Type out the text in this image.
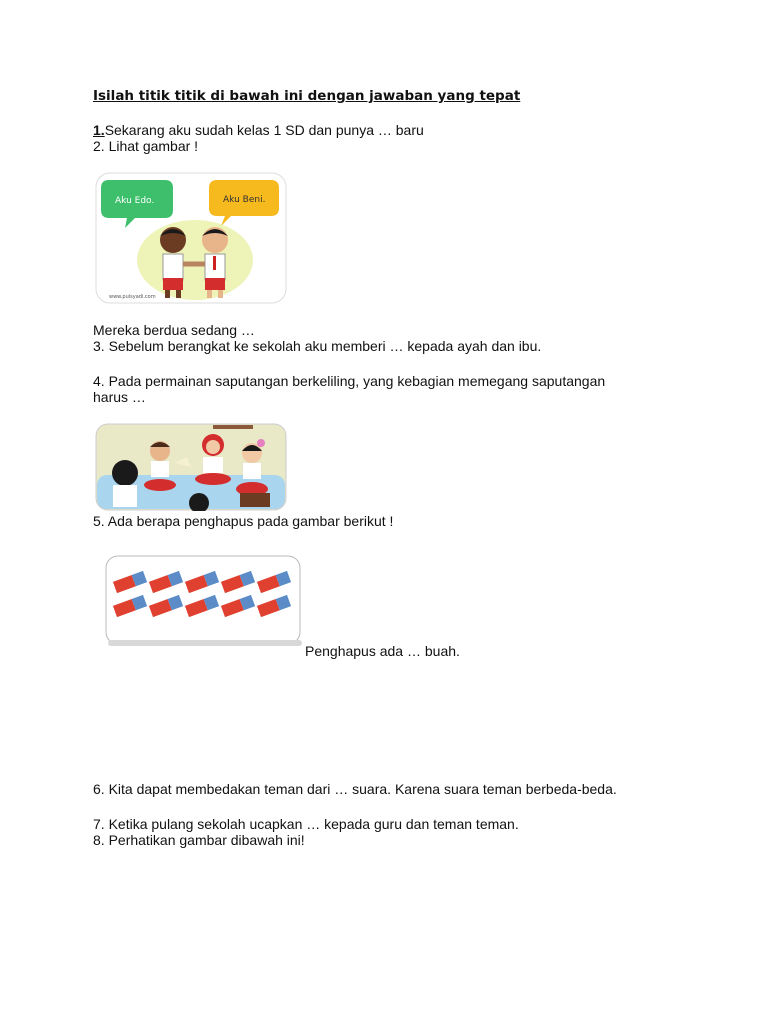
Isilah titik titik di bawah ini dengan jawaban yang tepat
1.Sekarang aku sudah kelas 1 SD dan punya … baru
2. Lihat gambar !
Aku Edo.	Aku Beni.
www.pulsyadi.com
Mereka berdua sedang …
3. Sebelum berangkat ke sekolah aku memberi … kepada ayah dan ibu.
4. Pada permainan saputangan berkeliling, yang kebagian memegang saputangan
harus …
5. Ada berapa penghapus pada gambar berikut !
Penghapus ada … buah.
6. Kita dapat membedakan teman dari … suara. Karena suara teman berbeda-beda.
7. Ketika pulang sekolah ucapkan … kepada guru dan teman teman.
8. Perhatikan gambar dibawah ini!
